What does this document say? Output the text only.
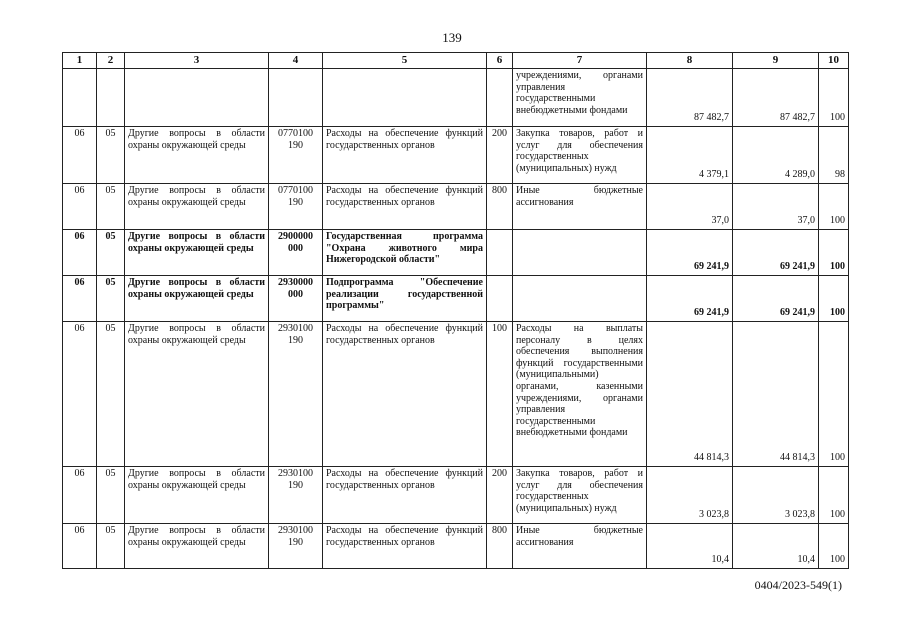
139
1	2	3	4	5	6	7	8	9	10
						учреждениями, органами управления государственными внебюджетными фондами	87 482,7	87 482,7	100
06	05	Другие вопросы в области охраны окружающей среды	0770100 190	Расходы на обеспечение функций государственных органов	200	Закупка товаров, работ и услуг для обеспечения государственных (муниципальных) нужд	4 379,1	4 289,0	98
06	05	Другие вопросы в области охраны окружающей среды	0770100 190	Расходы на обеспечение функций государственных органов	800	Иные бюджетные ассигнования	37,0	37,0	100
06	05	Другие вопросы в области охраны окружающей среды	2900000 000	Государственная программа "Охрана животного мира Нижегородской области"			69 241,9	69 241,9	100
06	05	Другие вопросы в области охраны окружающей среды	2930000 000	Подпрограмма "Обеспечение реализации государственной программы"			69 241,9	69 241,9	100
06	05	Другие вопросы в области охраны окружающей среды	2930100 190	Расходы на обеспечение функций государственных органов	100	Расходы на выплаты персоналу в целях обеспечения выполнения функций государственными (муниципальными) органами, казенными учреждениями, органами управления государственными внебюджетными фондами	44 814,3	44 814,3	100
06	05	Другие вопросы в области охраны окружающей среды	2930100 190	Расходы на обеспечение функций государственных органов	200	Закупка товаров, работ и услуг для обеспечения государственных (муниципальных) нужд	3 023,8	3 023,8	100
06	05	Другие вопросы в области охраны окружающей среды	2930100 190	Расходы на обеспечение функций государственных органов	800	Иные бюджетные ассигнования	10,4	10,4	100
0404/2023-549(1)
